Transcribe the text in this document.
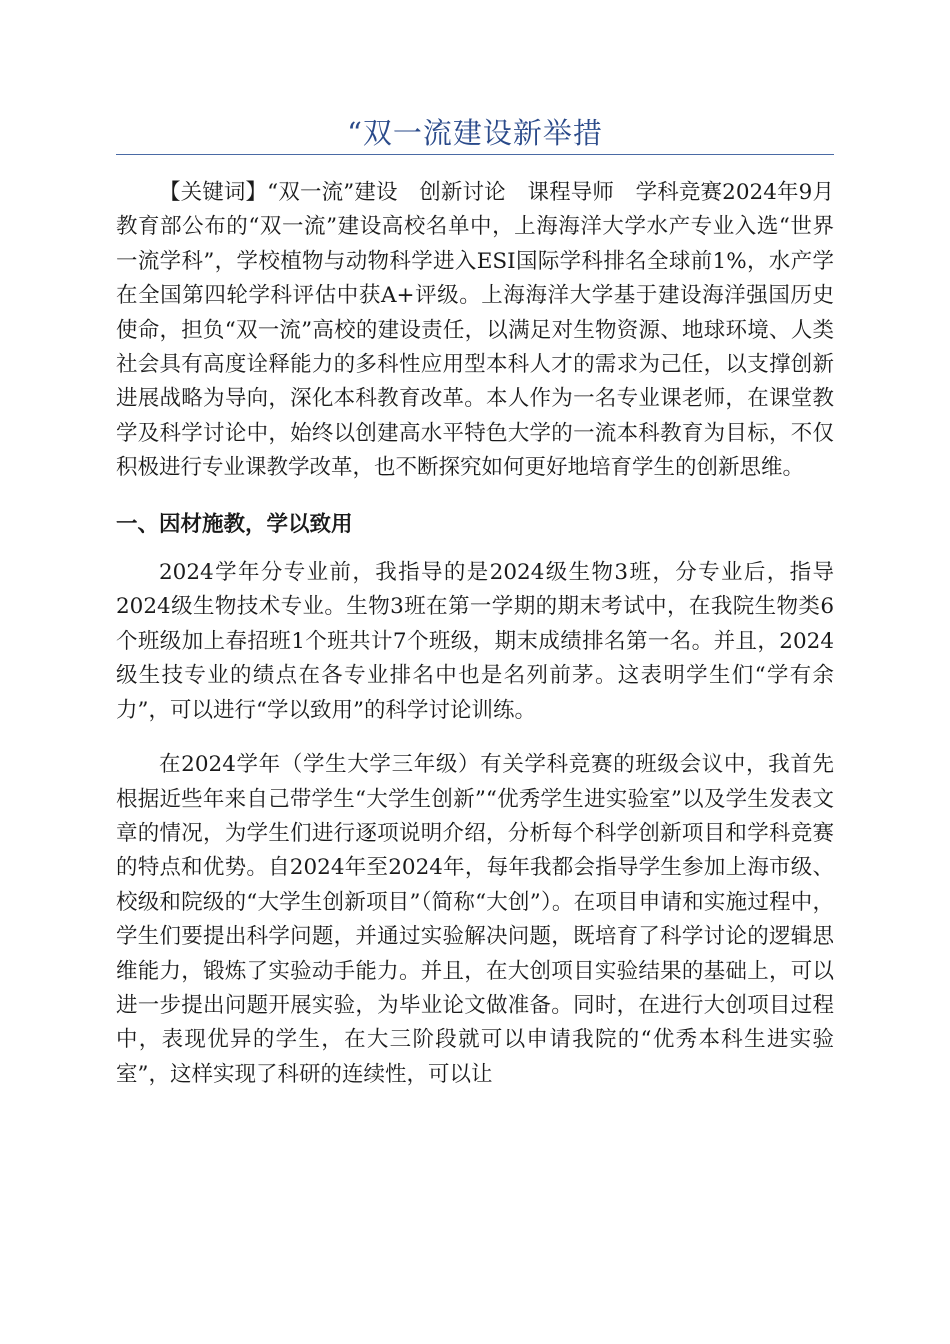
“双一流建设新举措

【关键词】“双一流”建设　创新讨论　课程导师　学科竞赛2024年9月教育部公布的“双一流”建设高校名单中，上海海洋大学水产专业入选“世界一流学科”，学校植物与动物科学进入ESI国际学科排名全球前1%，水产学在全国第四轮学科评估中获A+评级。上海海洋大学基于建设海洋强国历史使命，担负“双一流”高校的建设责任，以满足对生物资源、地球环境、人类社会具有高度诠释能力的多科性应用型本科人才的需求为己任，以支撑创新进展战略为导向，深化本科教育改革。本人作为一名专业课老师，在课堂教学及科学讨论中，始终以创建高水平特色大学的一流本科教育为目标，不仅积极进行专业课教学改革，也不断探究如何更好地培育学生的创新思维。

一、因材施教，学以致用

2024学年分专业前，我指导的是2024级生物3班，分专业后，指导2024级生物技术专业。生物3班在第一学期的期末考试中，在我院生物类6个班级加上春招班1个班共计7个班级，期末成绩排名第一名。并且，2024级生技专业的绩点在各专业排名中也是名列前茅。这表明学生们“学有余力”，可以进行“学以致用”的科学讨论训练。

在2024学年（学生大学三年级）有关学科竞赛的班级会议中，我首先根据近些年来自己带学生“大学生创新”“优秀学生进实验室”以及学生发表文章的情况，为学生们进行逐项说明介绍，分析每个科学创新项目和学科竞赛的特点和优势。自2024年至2024年，每年我都会指导学生参加上海市级、校级和院级的“大学生创新项目”（简称“大创”）。在项目申请和实施过程中，学生们要提出科学问题，并通过实验解决问题，既培育了科学讨论的逻辑思维能力，锻炼了实验动手能力。并且，在大创项目实验结果的基础上，可以进一步提出问题开展实验，为毕业论文做准备。同时，在进行大创项目过程中，表现优异的学生，在大三阶段就可以申请我院的“优秀本科生进实验室”，这样实现了科研的连续性，可以让
